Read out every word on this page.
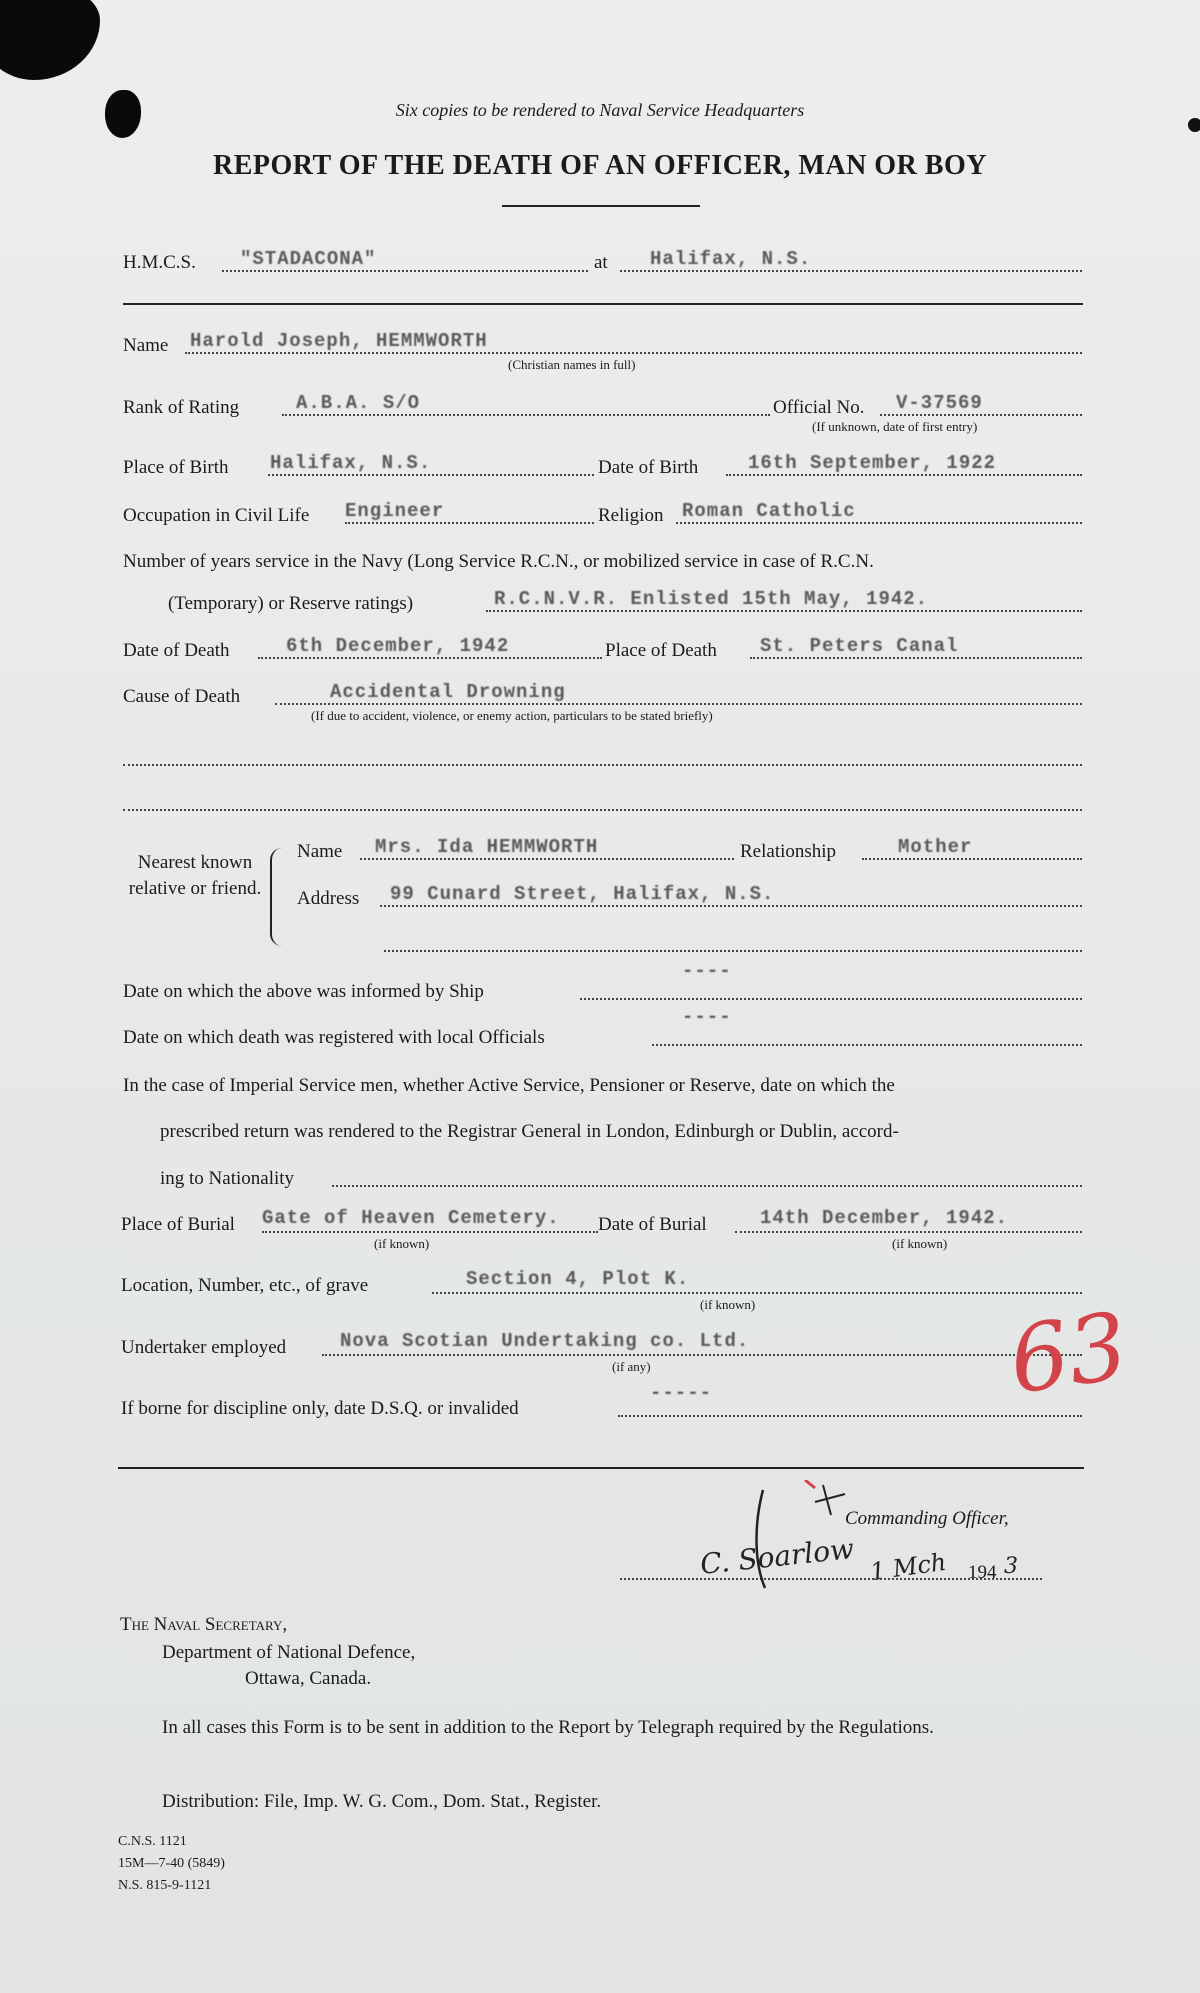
Six copies to be rendered to Naval Service Headquarters
REPORT OF THE DEATH OF AN OFFICER, MAN OR BOY
H.M.C.S. "STADACONA"	at Halifax, N.S.
Name Harold Joseph, HEMMWORTH
(Christian names in full)
Rank of Rating	A.B.A. S/O	Official No. V-37569
(If unknown, date of first entry)
Place of Birth Halifax, N.S.	Date of Birth	16th September, 1922
Occupation in Civil Life Engineer	Religion Roman Catholic
Number of years service in the Navy (Long Service R.C.N., or mobilized service in case of R.C.N.
(Temporary) or Reserve ratings)	R.C.N.V.R. Enlisted 15th May, 1942.
Date of Death	6th December, 1942	Place of Death St. Peters Canal
Cause of Death	Accidental Drowning
(If due to accident, violence, or enemy action, particulars to be stated briefly)
Nearest known relative or friend.
Name Mrs. Ida HEMMWORTH	Relationship	Mother
Address 99 Cunard Street, Halifax, N.S.
Date on which the above was informed by Ship
----
Date on which death was registered with local Officials
----
In the case of Imperial Service men, whether Active Service, Pensioner or Reserve, date on which the
prescribed return was rendered to the Registrar General in London, Edinburgh or Dublin, accord-
ing to Nationality
Place of Burial Gate of Heaven Cemetery.
(if known)
Date of Burial	14th December, 1942.
(if known)
Location, Number, etc., of grave	Section 4, Plot K.
(if known)
Undertaker employed	Nova Scotian Undertaking co. Ltd.
(if any)
If borne for discipline only, date D.S.Q. or invalided
-----	63
Commanding Officer,
C. Soarlow 1 Mch 194 3
The Naval Secretary,
Department of National Defence,
Ottawa, Canada.
In all cases this Form is to be sent in addition to the Report by Telegraph required by the Regulations.
Distribution: File, Imp. W. G. Com., Dom. Stat., Register.
C.N.S. 1121
15M—7-40 (5849)
N.S. 815-9-1121
